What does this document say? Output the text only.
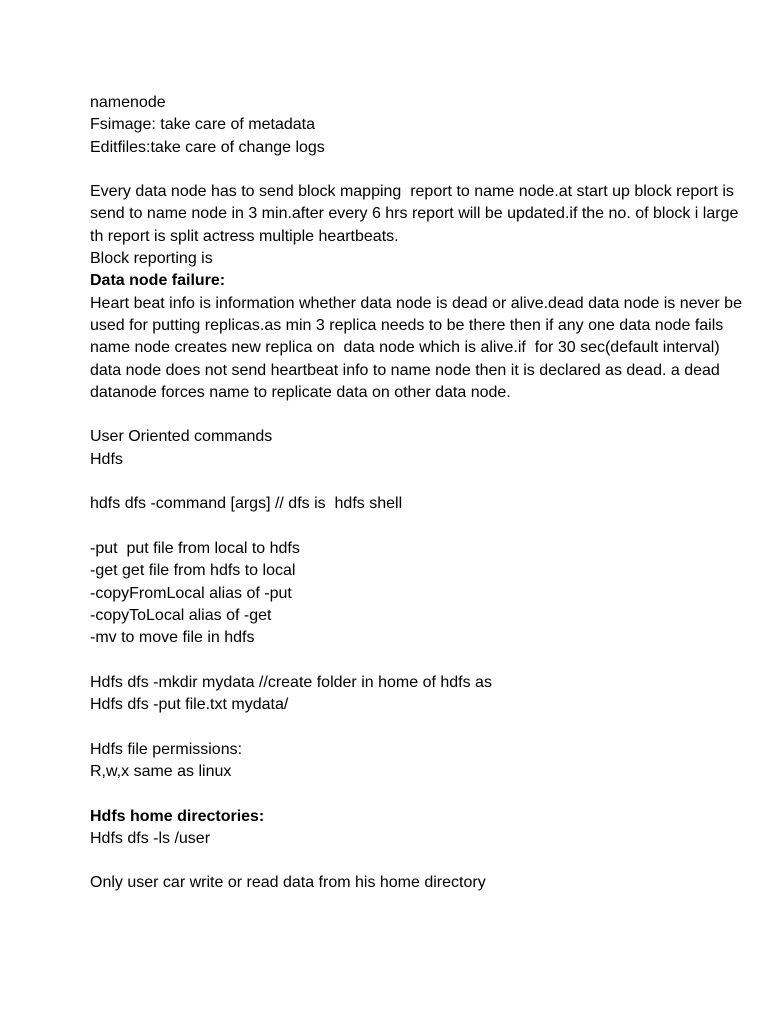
namenode
Fsimage: take care of metadata
Editfiles:take care of change logs
Every data node has to send block mapping  report to name node.at start up block report is
send to name node in 3 min.after every 6 hrs report will be updated.if the no. of block i large
th report is split actress multiple heartbeats.
Block reporting is
Data node failure:
Heart beat info is information whether data node is dead or alive.dead data node is never be
used for putting replicas.as min 3 replica needs to be there then if any one data node fails
name node creates new replica on  data node which is alive.if  for 30 sec(default interval)
data node does not send heartbeat info to name node then it is declared as dead. a dead
datanode forces name to replicate data on other data node.
User Oriented commands
Hdfs
hdfs dfs -command [args] // dfs is  hdfs shell
-put  put file from local to hdfs
-get get file from hdfs to local
-copyFromLocal alias of -put
-copyToLocal alias of -get
-mv to move file in hdfs
Hdfs dfs -mkdir mydata //create folder in home of hdfs as
Hdfs dfs -put file.txt mydata/
Hdfs file permissions:
R,w,x same as linux
Hdfs home directories:
Hdfs dfs -ls /user
Only user car write or read data from his home directory
